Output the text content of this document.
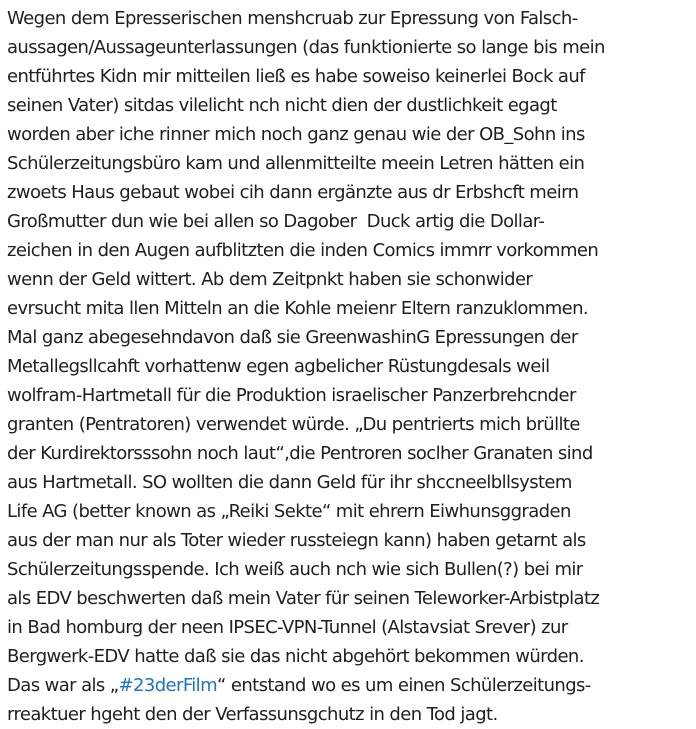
Wegen dem Epresserischen menshcruab zur Epressung von Falsch-
aussagen/Aussageunterlassungen (das funktionierte so lange bis mein
entführtes Kidn mir mitteilen ließ es habe soweiso keinerlei Bock auf
seinen Vater) sitdas vilelicht nch nicht dien der dustlichkeit egagt
worden aber iche rinner mich noch ganz genau wie der OB_Sohn ins
Schülerzeitungsbüro kam und allenmitteilte meein Letren hätten ein
zwoets Haus gebaut wobei cih dann ergänzte aus dr Erbshcft meirn
Großmutter dun wie bei allen so Dagober  Duck artig die Dollar-
zeichen in den Augen aufblitzten die inden Comics immrr vorkommen
wenn der Geld wittert. Ab dem Zeitpnkt haben sie schonwider
evrsucht mita llen Mitteln an die Kohle meienr Eltern ranzuklommen.
Mal ganz abegesehndavon daß sie GreenwashinG Epressungen der
Metallegsllcahft vorhattenw egen agbelicher Rüstungdesals weil
wolfram-Hartmetall für die Produktion israelischer Panzerbrehcnder
granten (Pentratoren) verwendet würde. „Du pentrierts mich brüllte
der Kurdirektorsssohn noch laut“,die Pentroren soclher Granaten sind
aus Hartmetall. SO wollten die dann Geld für ihr shccneelbllsystem
Life AG (better known as „Reiki Sekte“ mit ehrern Eiwhunsggraden
aus der man nur als Toter wieder russteiegn kann) haben getarnt als
Schülerzeitungsspende. Ich weiß auch nch wie sich Bullen(?) bei mir
als EDV beschwerten daß mein Vater für seinen Teleworker-Arbistplatz
in Bad homburg der neen IPSEC-VPN-Tunnel (Alstavsiat Srever) zur
Bergwerk-EDV hatte daß sie das nicht abgehört bekommen würden.
Das war als „#23derFilm“ entstand wo es um einen Schülerzeitungs-
rreaktuer hgeht den der Verfassunsgchutz in den Tod jagt.
